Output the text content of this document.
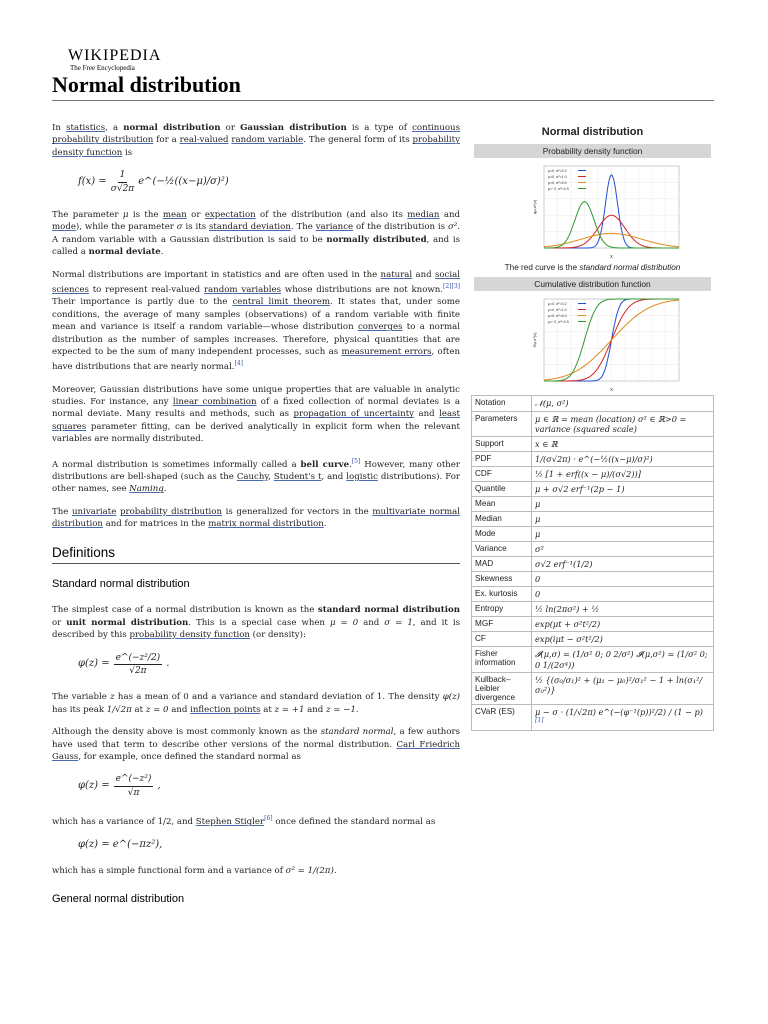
WIKIPEDIA
The Free Encyclopedia
Normal distribution

In statistics, a normal distribution or Gaussian distribution is a type of continuous probability distribution for a real-valued random variable. The general form of its probability density function is

$f(x) = \frac{1}{\sigma√2\pi}$ e^(−½((x−μ)/σ)²)

The parameter μ is the mean or expectation of the distribution (and also its median and mode), while the parameter σ is its standard deviation. The variance of the distribution is σ². A random variable with a Gaussian distribution is said to be normally distributed, and is called a normal deviate.

Normal distributions are important in statistics and are often used in the natural and social sciences to represent real-valued random variables whose distributions are not known.[2][3] Their importance is partly due to the central limit theorem. It states that, under some conditions, the average of many samples (observations) of a random variable with finite mean and variance is itself a random variable—whose distribution converges to a normal distribution as the number of samples increases. Therefore, physical quantities that are expected to be the sum of many independent processes, such as measurement errors, often have distributions that are nearly normal.[4]

Moreover, Gaussian distributions have some unique properties that are valuable in analytic studies. For instance, any linear combination of a fixed collection of normal deviates is a normal deviate. Many results and methods, such as propagation of uncertainty and least squares parameter fitting, can be derived analytically in explicit form when the relevant variables are normally distributed.

A normal distribution is sometimes informally called a bell curve.[5] However, many other distributions are bell-shaped (such as the Cauchy, Student's t, and logistic distributions). For other names, see Naming.

The univariate probability distribution is generalized for vectors in the multivariate normal distribution and for matrices in the matrix normal distribution.

Definitions
Standard normal distribution

The simplest case of a normal distribution is known as the standard normal distribution or unit normal distribution. This is a special case when μ = 0 and σ = 1, and it is described by this probability density function (or density):

$\varphi(z) = \frac{\text{e\textasciicircum{}(−z²/2)}}{√2\pi}$ .

The variable z has a mean of 0 and a variance and standard deviation of 1. The density φ(z) has its peak 1/√2π at z = 0 and inflection points at z = +1 and z = −1.

Although the density above is most commonly known as the standard normal, a few authors have used that term to describe other versions of the normal distribution. Carl Friedrich Gauss, for example, once defined the standard normal as

$\varphi(z) = \frac{\text{e\textasciicircum{}(−z²)}}{√\pi}$ ,

which has a variance of 1/2, and Stephen Stigler[6] once defined the standard normal as

φ(z) = e^(−πz²),

which has a simple functional form and a variance of σ² = 1/(2π).

General normal distribution
Normal distribution
Probability density function
μ=0, σ²=0.2
μ=0, σ²=1.0
μ=0, σ²=5.0
μ=−2, σ²=0.5
φμ,σ²(x)
x
The red curve is the standard normal distribution
Cumulative distribution function
μ=0, σ²=0.2
μ=0, σ²=1.0
μ=0, σ²=5.0
μ=−2, σ²=0.5
Φμ,σ²(x)
x
Notation	𝒩(μ, σ²)
Parameters	μ ∈ ℝ = mean (location) σ² ∈ ℝ>0 = variance (squared scale)
Support	x ∈ ℝ
PDF	1/(σ√2π) · e^(−½((x−μ)/σ)²)
CDF	½ [1 + erf((x − μ)/(σ√2))]
Quantile	μ + σ√2 erf⁻¹(2p − 1)
Mean	μ
Median	μ
Mode	μ
Variance	σ²
MAD	σ√2 erf⁻¹(1/2)
Skewness	0
Ex. kurtosis	0
Entropy	½ ln(2πσ²) + ½
MGF	exp(μt + σ²t²/2)
CF	exp(iμt − σ²t²/2)
Fisher information	𝓘(μ,σ) = (1/σ² 0; 0 2/σ²) 𝓘(μ,σ²) = (1/σ² 0; 0 1/(2σ⁴))
Kullback–Leibler divergence	½ {(σ₀/σ₁)² + (μ₁ − μ₀)²/σ₁² − 1 + ln(σ₁²/σ₀²)}
CVaR (ES)	μ − σ · (1/√2π) e^(−(φ⁻¹(p))²/2) / (1 − p)[1]
